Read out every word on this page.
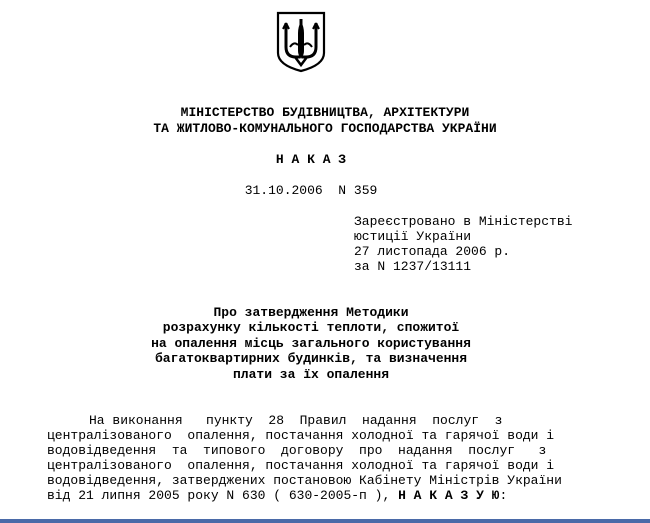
МІНІСТЕРСТВО БУДІВНИЦТВА, АРХІТЕКТУРИ
ТА ЖИТЛОВО-КОМУНАЛЬНОГО ГОСПОДАРСТВА УКРАЇНИ
Н А К А З
31.10.2006  N 359
Зареєстровано в Міністерстві
юстиції України
27 листопада 2006 р.
за N 1237/13111
Про затвердження Методики
розрахунку кількості теплоти, спожитої
на опалення місць загального користування
багатоквартирних будинків, та визначення
плати за їх опалення
На виконання   пункту  28  Правил  надання  послуг  з
централізованого  опалення, постачання холодної та гарячої води і
водовідведення  та  типового  договору  про  надання  послуг   з
централізованого  опалення, постачання холодної та гарячої води і
водовідведення, затверджених постановою Кабінету Міністрів України
від 21 липня 2005 року N 630 ( 630-2005-п ), Н А К А З У Ю:
